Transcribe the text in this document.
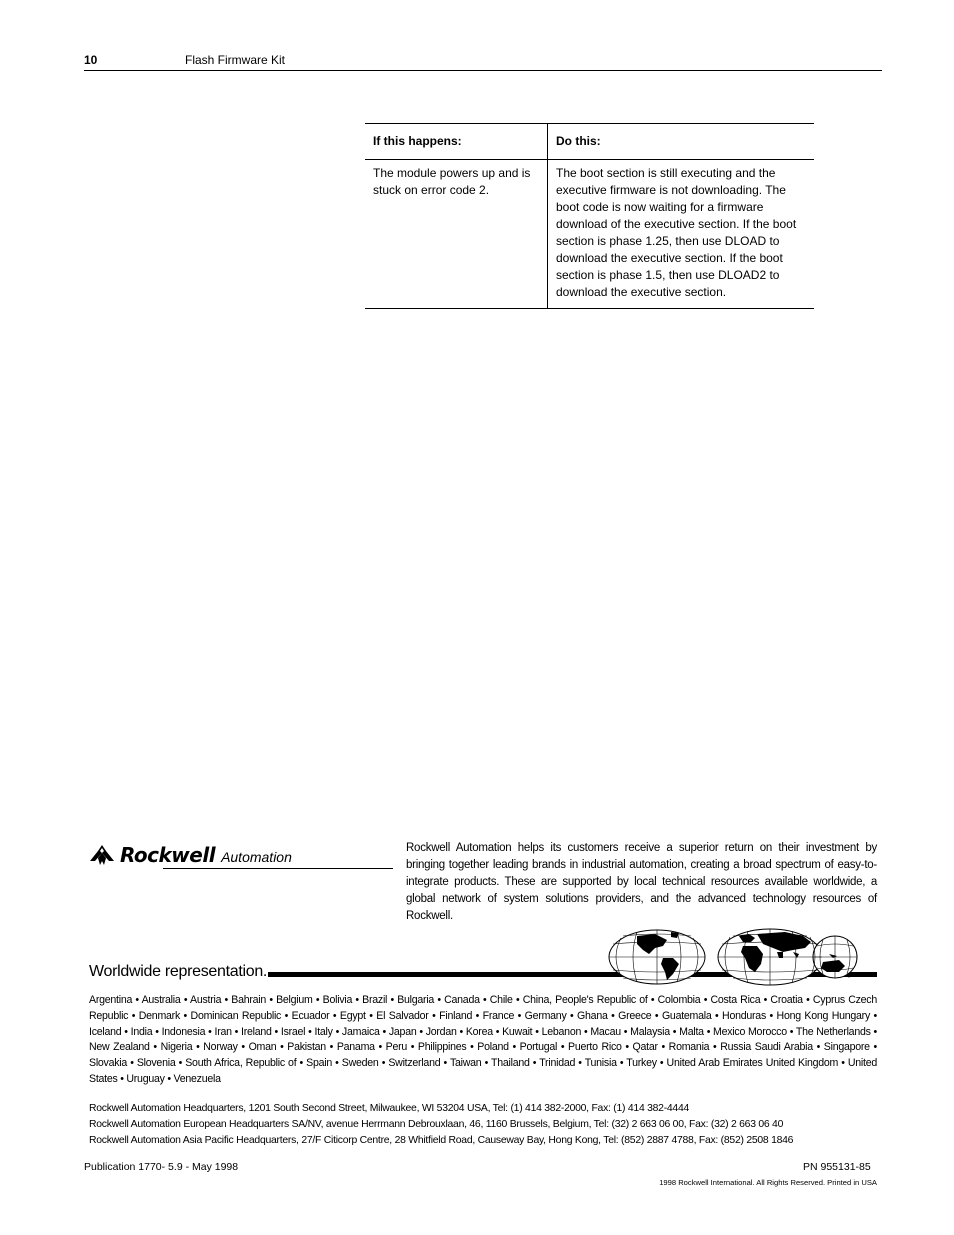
10	Flash Firmware Kit
If this happens:	Do this:
The module powers up and is stuck on error code 2.	The boot section is still executing and the executive firmware is not downloading. The boot code is now waiting for a firmware download of the executive section. If the boot section is phase 1.25, then use DLOAD to download the executive section. If the boot section is phase 1.5, then use DLOAD2 to download the executive section.
Rockwell Automation
Rockwell Automation helps its customers receive a superior return on their investment by bringing together leading brands in industrial automation, creating a broad spectrum of easy-to-integrate products. These are supported by local technical resources available worldwide, a global network of system solutions providers, and the advanced technology resources of Rockwell.
Worldwide representation.
Argentina • Australia • Austria • Bahrain • Belgium • Bolivia • Brazil • Bulgaria • Canada • Chile • China, People's Republic of • Colombia • Costa Rica • Croatia • Cyprus Czech Republic • Denmark • Dominican Republic • Ecuador • Egypt • El Salvador • Finland • France • Germany • Ghana • Greece • Guatemala • Honduras • Hong Kong Hungary • Iceland • India • Indonesia • Iran • Ireland • Israel • Italy • Jamaica • Japan • Jordan • Korea • Kuwait • Lebanon • Macau • Malaysia • Malta • Mexico Morocco • The Netherlands • New Zealand • Nigeria • Norway • Oman • Pakistan • Panama • Peru • Philippines • Poland • Portugal • Puerto Rico • Qatar • Romania • Russia Saudi Arabia • Singapore • Slovakia • Slovenia • South Africa, Republic of • Spain • Sweden • Switzerland • Taiwan • Thailand • Trinidad • Tunisia • Turkey • United Arab Emirates United Kingdom • United States • Uruguay • Venezuela
Rockwell Automation Headquarters, 1201 South Second Street, Milwaukee, WI 53204 USA, Tel: (1) 414 382-2000, Fax: (1) 414 382-4444
Rockwell Automation European Headquarters SA/NV, avenue Herrmann Debrouxlaan, 46, 1160 Brussels, Belgium, Tel: (32) 2 663 06 00, Fax: (32) 2 663 06 40
Rockwell Automation Asia Pacific Headquarters, 27/F Citicorp Centre, 28 Whitfield Road, Causeway Bay, Hong Kong, Tel: (852) 2887 4788, Fax: (852) 2508 1846
Publication 1770- 5.9 - May 1998	PN 955131-85
1998 Rockwell International. All Rights Reserved. Printed in USA
